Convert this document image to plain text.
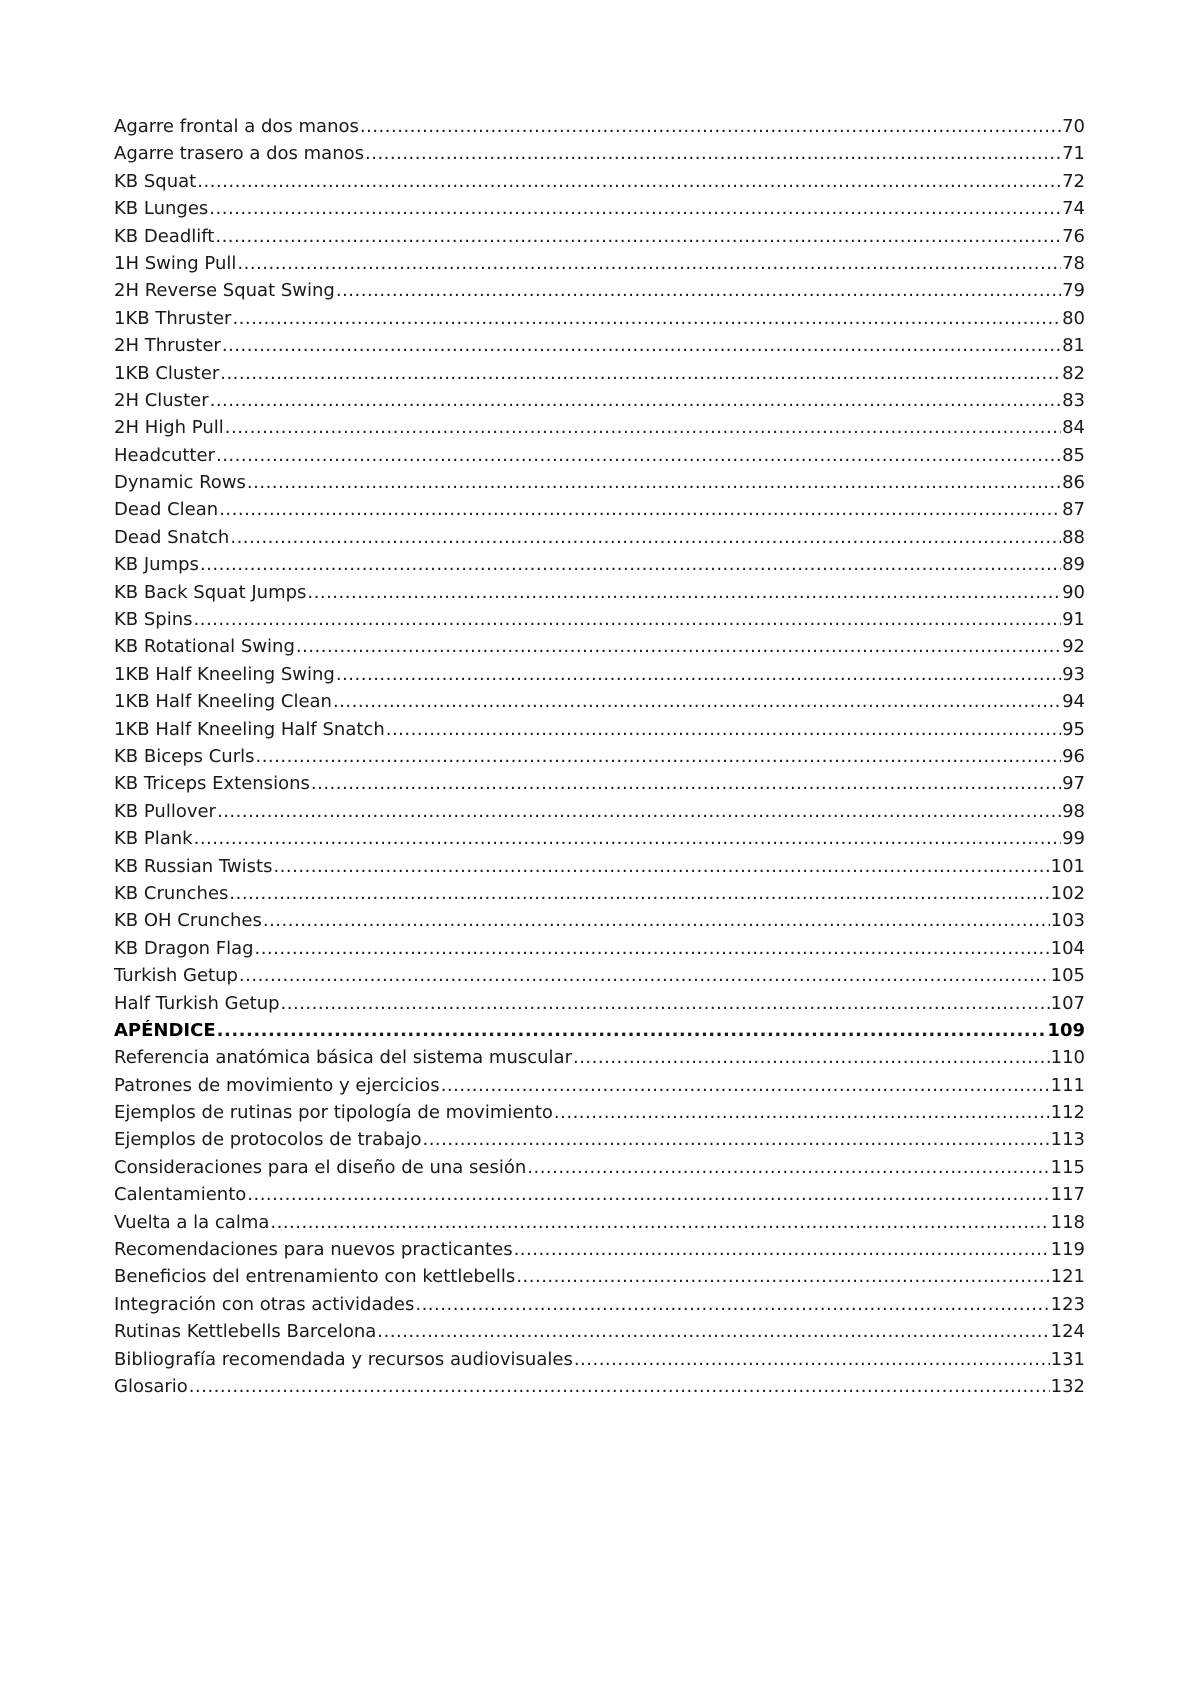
Agarre frontal a dos manos .....	70
Agarre trasero a dos manos .....	71
KB Squat .....	72
KB Lunges .....	74
KB Deadlift .....	76
1H Swing Pull .....	78
2H Reverse Squat Swing .....	79
1KB Thruster .....	80
2H Thruster .....	81
1KB Cluster .....	82
2H Cluster .....	83
2H High Pull .....	84
Headcutter .....	85
Dynamic Rows .....	86
Dead Clean .....	87
Dead Snatch .....	88
KB Jumps .....	89
KB Back Squat Jumps .....	90
KB Spins .....	91
KB Rotational Swing .....	92
1KB Half Kneeling Swing .....	93
1KB Half Kneeling Clean .....	94
1KB Half Kneeling Half Snatch .....	95
KB Biceps Curls .....	96
KB Triceps Extensions .....	97
KB Pullover .....	98
KB Plank .....	99
KB Russian Twists .....	101
KB Crunches .....	102
KB OH Crunches .....	103
KB Dragon Flag .....	104
Turkish Getup .....	105
Half Turkish Getup .....	107
APÉNDICE .....	109
Referencia anatómica básica del sistema muscular .....	110
Patrones de movimiento y ejercicios .....	111
Ejemplos de rutinas por tipología de movimiento .....	112
Ejemplos de protocolos de trabajo .....	113
Consideraciones para el diseño de una sesión .....	115
Calentamiento .....	117
Vuelta a la calma .....	118
Recomendaciones para nuevos practicantes .....	119
Beneficios del entrenamiento con kettlebells .....	121
Integración con otras actividades .....	123
Rutinas Kettlebells Barcelona .....	124
Bibliografía recomendada y recursos audiovisuales .....	131
Glosario .....	132
